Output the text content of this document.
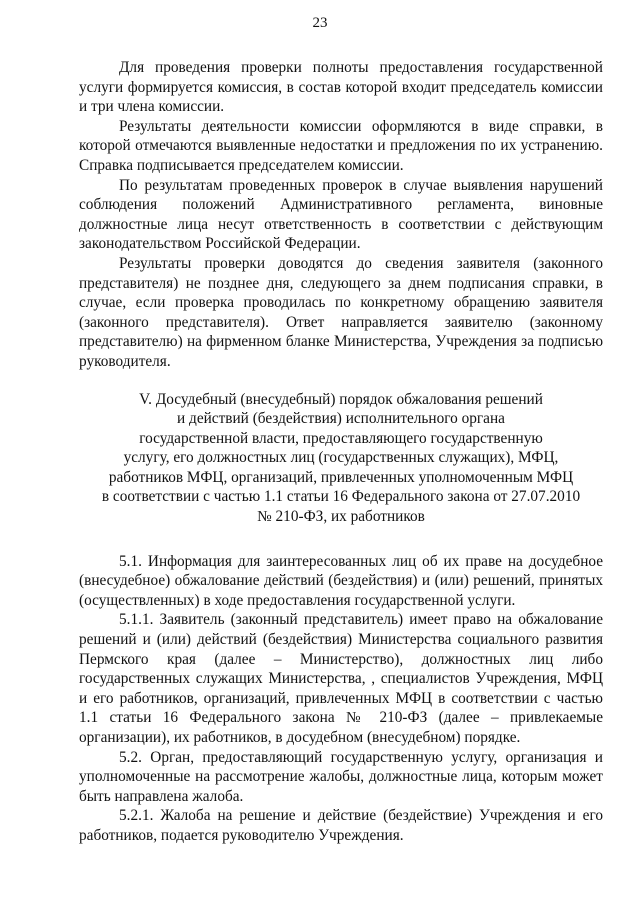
23

Для проведения проверки полноты предоставления государственной услуги формируется комиссия, в состав которой входит председатель комиссии и три члена комиссии.

Результаты деятельности комиссии оформляются в виде справки, в которой отмечаются выявленные недостатки и предложения по их устранению. Справка подписывается председателем комиссии.

По результатам проведенных проверок в случае выявления нарушений соблюдения положений Административного регламента, виновные должностные лица несут ответственность в соответствии с действующим законодательством Российской Федерации.

Результаты проверки доводятся до сведения заявителя (законного представителя) не позднее дня, следующего за днем подписания справки, в случае, если проверка проводилась по конкретному обращению заявителя (законного представителя). Ответ направляется заявителю (законному представителю) на фирменном бланке Министерства, Учреждения за подписью руководителя.

V. Досудебный (внесудебный) порядок обжалования решений
и действий (бездействия) исполнительного органа
государственной власти, предоставляющего государственную
услугу, его должностных лиц (государственных служащих), МФЦ,
работников МФЦ, организаций, привлеченных уполномоченным МФЦ
в соответствии с частью 1.1 статьи 16 Федерального закона от 27.07.2010
№ 210-ФЗ, их работников

5.1. Информация для заинтересованных лиц об их праве на досудебное (внесудебное) обжалование действий (бездействия) и (или) решений, принятых (осуществленных) в ходе предоставления государственной услуги.

5.1.1. Заявитель (законный представитель) имеет право на обжалование решений и (или) действий (бездействия) Министерства социального развития Пермского края (далее – Министерство), должностных лиц либо государственных служащих Министерства, , специалистов Учреждения, МФЦ и его работников, организаций, привлеченных МФЦ в соответствии с частью 1.1 статьи 16 Федерального закона № 210-ФЗ (далее – привлекаемые организации), их работников, в досудебном (внесудебном) порядке.

5.2. Орган, предоставляющий государственную услугу, организация и уполномоченные на рассмотрение жалобы, должностные лица, которым может быть направлена жалоба.

5.2.1. Жалоба на решение и действие (бездействие) Учреждения и его работников, подается руководителю Учреждения.
